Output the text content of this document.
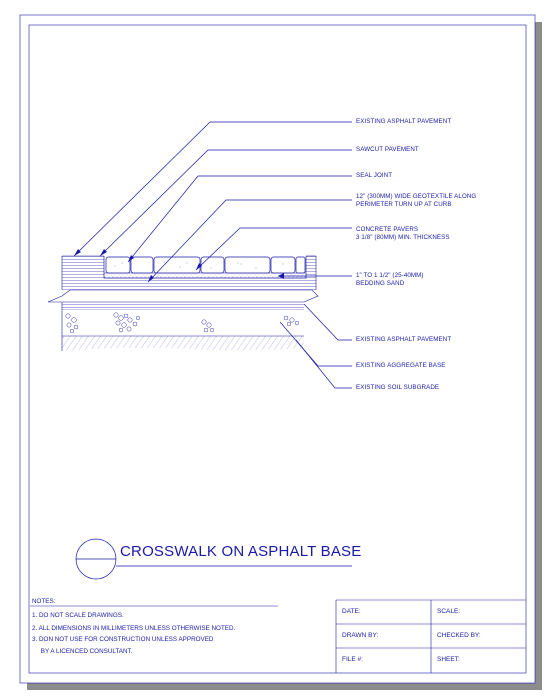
EXISTING ASPHALT PAVEMENT
SAWCUT PAVEMENT
SEAL JOINT
12" (300MM) WIDE GEOTEXTILE ALONG
PERIMETER TURN UP AT CURB
CONCRETE PAVERS
3 1/8" (80MM) MIN. THICKNESS
1" TO 1 1/2" (25-40MM)
BEDDING SAND
EXISTING ASPHALT PAVEMENT
EXISTING AGGREGATE BASE
EXISTING SOIL SUBGRADE
CROSSWALK ON ASPHALT BASE
NOTES:
1. DO NOT SCALE DRAWINGS.
2. ALL DIMENSIONS IN MILLIMETERS UNLESS OTHERWISE NOTED.
3. DON NOT USE FOR CONSTRUCTION UNLESS APPROVED
BY A LICENCED CONSULTANT.
DATE:	SCALE:
DRAWN BY:	CHECKED BY:
FILE #:	SHEET:
